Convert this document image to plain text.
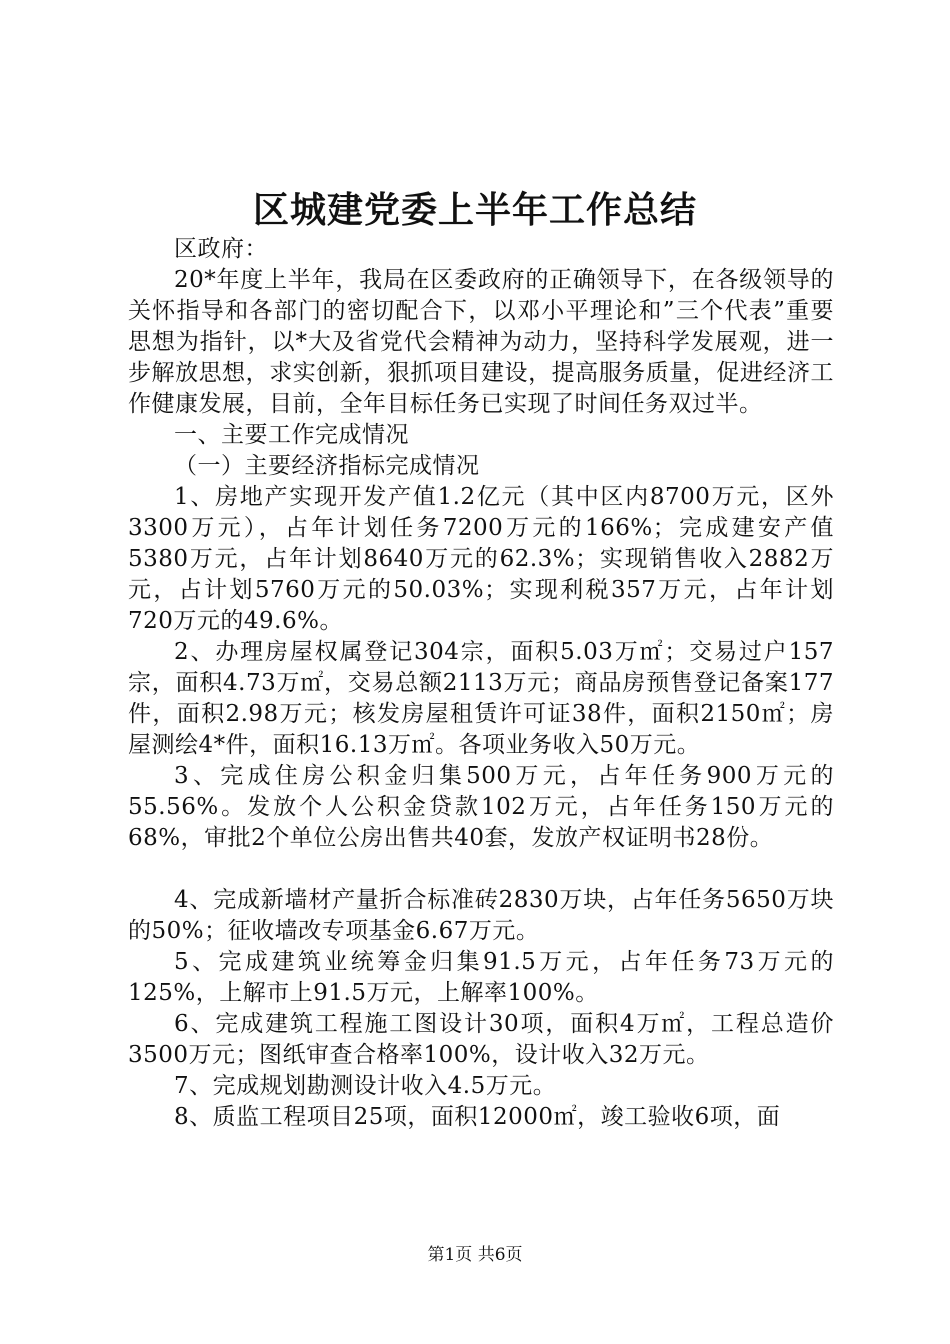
区城建党委上半年工作总结

区政府：

20*年度上半年，我局在区委政府的正确领导下，在各级领导的关怀指导和各部门的密切配合下，以邓小平理论和”三个代表”重要思想为指针，以*大及省党代会精神为动力，坚持科学发展观，进一步解放思想，求实创新，狠抓项目建设，提高服务质量，促进经济工作健康发展，目前，全年目标任务已实现了时间任务双过半。

一、主要工作完成情况

（一）主要经济指标完成情况

1、房地产实现开发产值1.2亿元（其中区内8700万元，区外3300万元），占年计划任务7200万元的166%；完成建安产值5380万元，占年计划8640万元的62.3%；实现销售收入2882万元，占计划5760万元的50.03%；实现利税357万元，占年计划720万元的49.6%。

2、办理房屋权属登记304宗，面积5.03万㎡；交易过户157宗，面积4.73万㎡，交易总额2113万元；商品房预售登记备案177件，面积2.98万元；核发房屋租赁许可证38件，面积2150㎡；房屋测绘4*件，面积16.13万㎡。各项业务收入50万元。

3、完成住房公积金归集500万元，占年任务900万元的55.56%。发放个人公积金贷款102万元，占年任务150万元的68%，审批2个单位公房出售共40套，发放产权证明书28份。

4、完成新墙材产量折合标准砖2830万块，占年任务5650万块的50%；征收墙改专项基金6.67万元。

5、完成建筑业统筹金归集91.5万元，占年任务73万元的125%，上解市上91.5万元，上解率100%。

6、完成建筑工程施工图设计30项，面积4万㎡，工程总造价3500万元；图纸审查合格率100%，设计收入32万元。

7、完成规划勘测设计收入4.5万元。

8、质监工程项目25项，面积12000㎡，竣工验收6项，面

第1页 共6页
